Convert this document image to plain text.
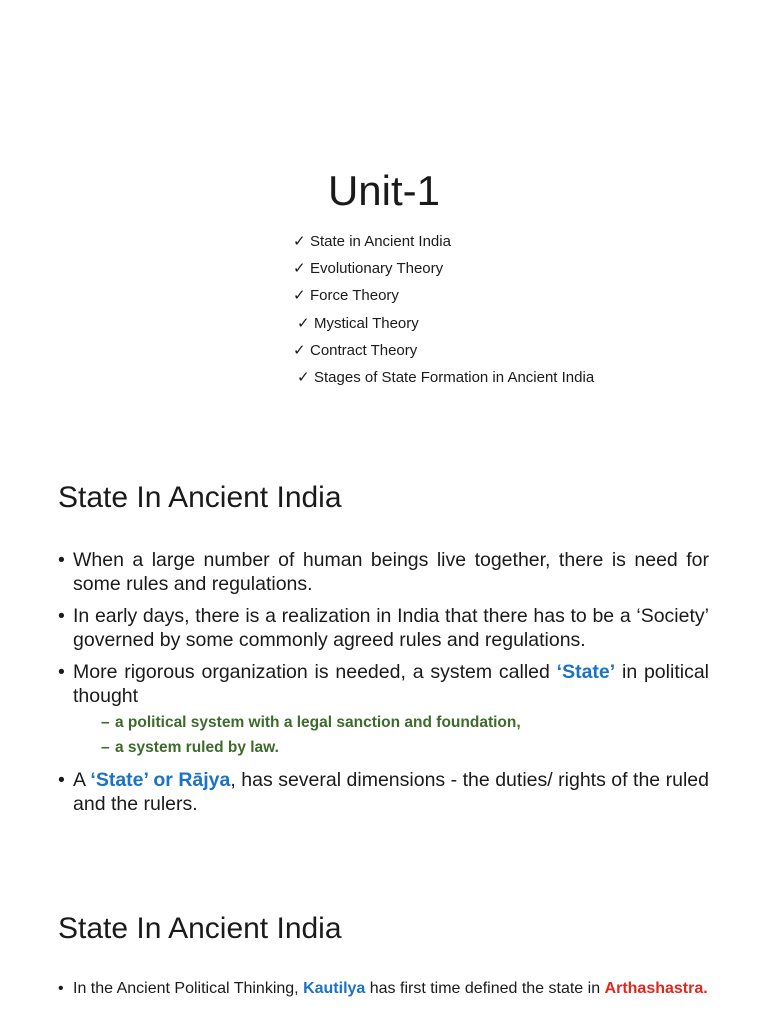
Unit-1
✓ State in Ancient India
✓ Evolutionary Theory
✓ Force Theory
✓ Mystical Theory
✓ Contract Theory
✓ Stages of State Formation in Ancient India
State In Ancient India
• When a large number of human beings live together, there is need for some rules and regulations.
• In early days, there is a realization in India that there has to be a ‘Society’ governed by some commonly agreed rules and regulations.
• More rigorous organization is needed, a system called ‘State’ in political thought
– a political system with a legal sanction and foundation,
– a system ruled by law.
• A ‘State’ or Rājya, has several dimensions - the duties/ rights of the ruled and the rulers.
State In Ancient India
• In the Ancient Political Thinking, Kautilya has first time defined the state in Arthashastra.
